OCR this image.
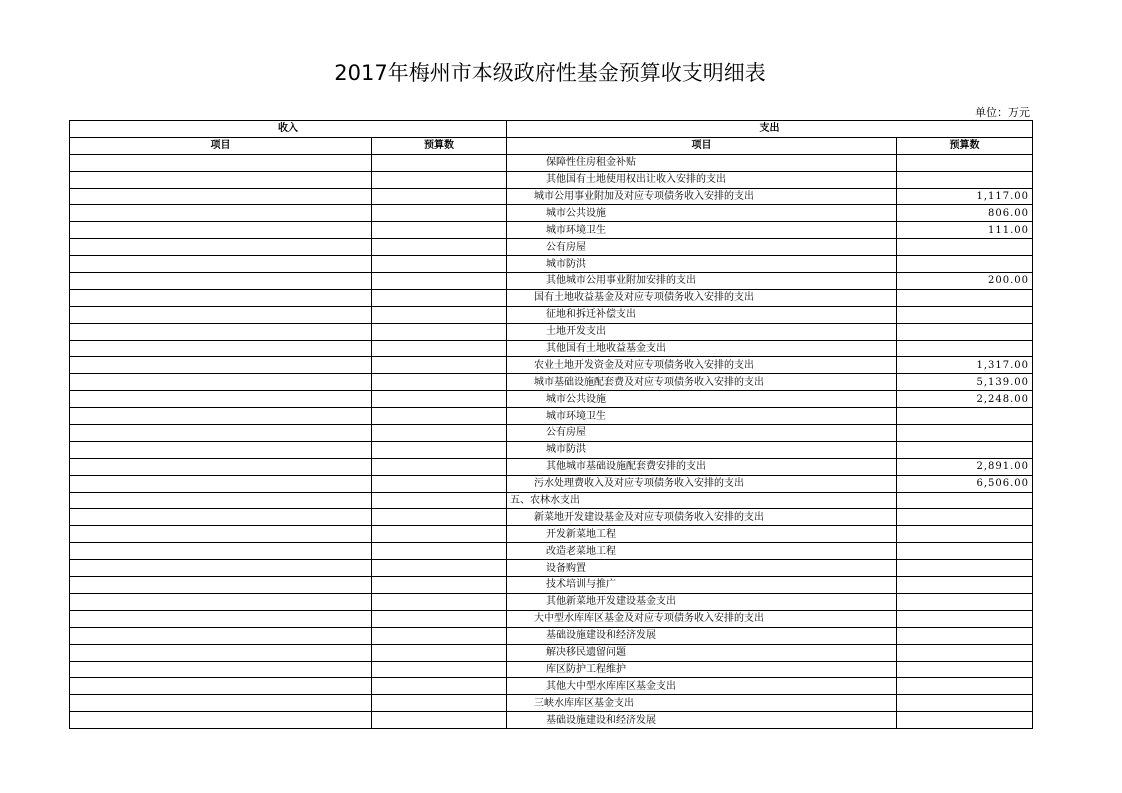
2017年梅州市本级政府性基金预算收支明细表
单位：万元
收入		支出	
项目	预算数	项目	预算数
		保障性住房租金补贴	
		其他国有土地使用权出让收入安排的支出	
		城市公用事业附加及对应专项债务收入安排的支出	1,117.00
		城市公共设施	806.00
		城市环境卫生	111.00
		公有房屋	
		城市防洪	
		其他城市公用事业附加安排的支出	200.00
		国有土地收益基金及对应专项债务收入安排的支出	
		征地和拆迁补偿支出	
		土地开发支出	
		其他国有土地收益基金支出	
		农业土地开发资金及对应专项债务收入安排的支出	1,317.00
		城市基础设施配套费及对应专项债务收入安排的支出	5,139.00
		城市公共设施	2,248.00
		城市环境卫生	
		公有房屋	
		城市防洪	
		其他城市基础设施配套费安排的支出	2,891.00
		污水处理费收入及对应专项债务收入安排的支出	6,506.00
		五、农林水支出	
		新菜地开发建设基金及对应专项债务收入安排的支出	
		开发新菜地工程	
		改造老菜地工程	
		设备购置	
		技术培训与推广	
		其他新菜地开发建设基金支出	
		大中型水库库区基金及对应专项债务收入安排的支出	
		基础设施建设和经济发展	
		解决移民遗留问题	
		库区防护工程维护	
		其他大中型水库库区基金支出	
		三峡水库库区基金支出	
		基础设施建设和经济发展	
